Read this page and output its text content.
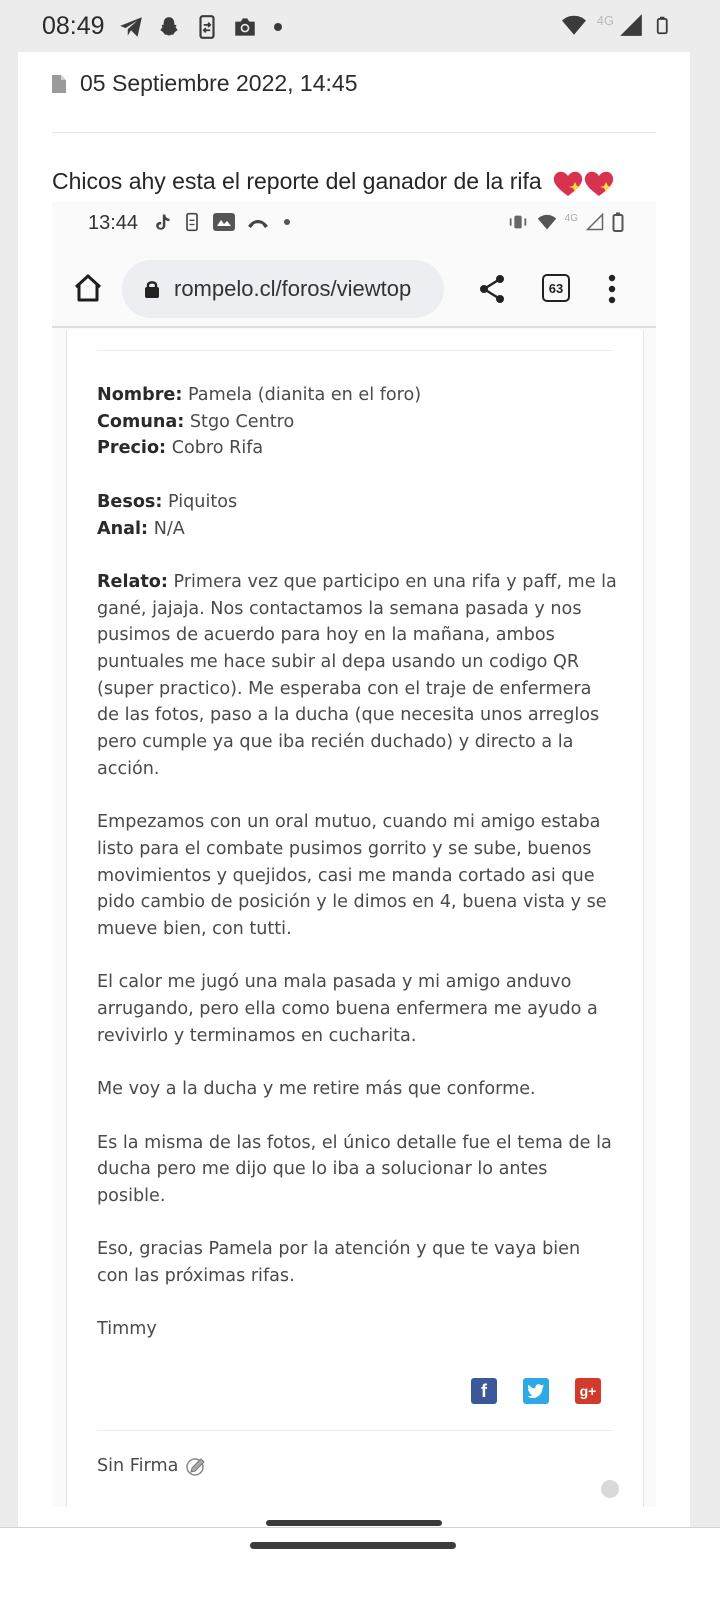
08:49	4G
05 Septiembre 2022, 14:45
Chicos ahy esta el reporte del ganador de la rifa
13:44	4G
rompelo.cl/foros/viewtop	63

Nombre: Pamela (dianita en el foro)
Comuna: Stgo Centro
Precio: Cobro Rifa

Besos: Piquitos
Anal: N/A

Relato: Primera vez que participo en una rifa y paff, me la gané, jajaja. Nos contactamos la semana pasada y nos pusimos de acuerdo para hoy en la mañana, ambos puntuales me hace subir al depa usando un codigo QR (super practico). Me esperaba con el traje de enfermera de las fotos, paso a la ducha (que necesita unos arreglos pero cumple ya que iba recién duchado) y directo a la acción.

Empezamos con un oral mutuo, cuando mi amigo estaba listo para el combate pusimos gorrito y se sube, buenos movimientos y quejidos, casi me manda cortado asi que pido cambio de posición y le dimos en 4, buena vista y se mueve bien, con tutti.

El calor me jugó una mala pasada y mi amigo anduvo arrugando, pero ella como buena enfermera me ayudo a revivirlo y terminamos en cucharita.

Me voy a la ducha y me retire más que conforme.

Es la misma de las fotos, el único detalle fue el tema de la ducha pero me dijo que lo iba a solucionar lo antes posible.

Eso, gracias Pamela por la atención y que te vaya bien con las próximas rifas.

Timmy

f	g+
Sin Firma
